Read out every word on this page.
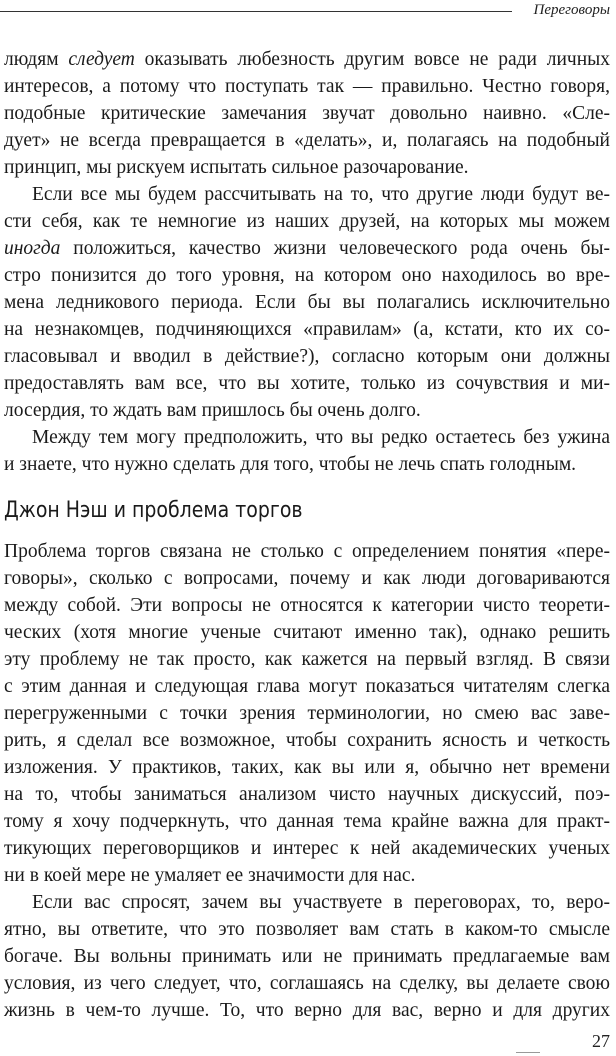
Переговоры

людям следует оказывать любезность другим вовсе не ради личных
интересов, а потому что поступать так — правильно. Честно говоря,
подобные критические замечания звучат довольно наивно. «Сле-
дует» не всегда превращается в «делать», и, полагаясь на подобный
принцип, мы рискуем испытать сильное разочарование.

Если все мы будем рассчитывать на то, что другие люди будут ве-
сти себя, как те немногие из наших друзей, на которых мы можем
иногда положиться, качество жизни человеческого рода очень бы-
стро понизится до того уровня, на котором оно находилось во вре-
мена ледникового периода. Если бы вы полагались исключительно
на незнакомцев, подчиняющихся «правилам» (а, кстати, кто их со-
гласовывал и вводил в действие?), согласно которым они должны
предоставлять вам все, что вы хотите, только из сочувствия и ми-
лосердия, то ждать вам пришлось бы очень долго.

Между тем могу предположить, что вы редко остаетесь без ужина
и знаете, что нужно сделать для того, чтобы не лечь спать голодным.

Джон Нэш и проблема торгов

Проблема торгов связана не столько с определением понятия «пере-
говоры», сколько с вопросами, почему и как люди договариваются
между собой. Эти вопросы не относятся к категории чисто теорети-
ческих (хотя многие ученые считают именно так), однако решить
эту проблему не так просто, как кажется на первый взгляд. В связи
с этим данная и следующая глава могут показаться читателям слегка
перегруженными с точки зрения терминологии, но смею вас завe-
рить, я сделал все возможное, чтобы сохранить ясность и четкость
изложения. У практиков, таких, как вы или я, обычно нет времени
на то, чтобы заниматься анализом чисто научных дискуссий, поэ-
тому я хочу подчеркнуть, что данная тема крайне важна для практ-
тикующих переговорщиков и интерес к ней академических ученых
ни в коей мере не умаляет ее значимости для нас.

Если вас спросят, зачем вы участвуете в переговорах, то, веро-
ятно, вы ответите, что это позволяет вам стать в каком-то смысле
богаче. Вы вольны принимать или не принимать предлагаемые вам
условия, из чего следует, что, соглашаясь на сделку, вы делаете свою
жизнь в чем-то лучше. То, что верно для вас, верно и для других

27
